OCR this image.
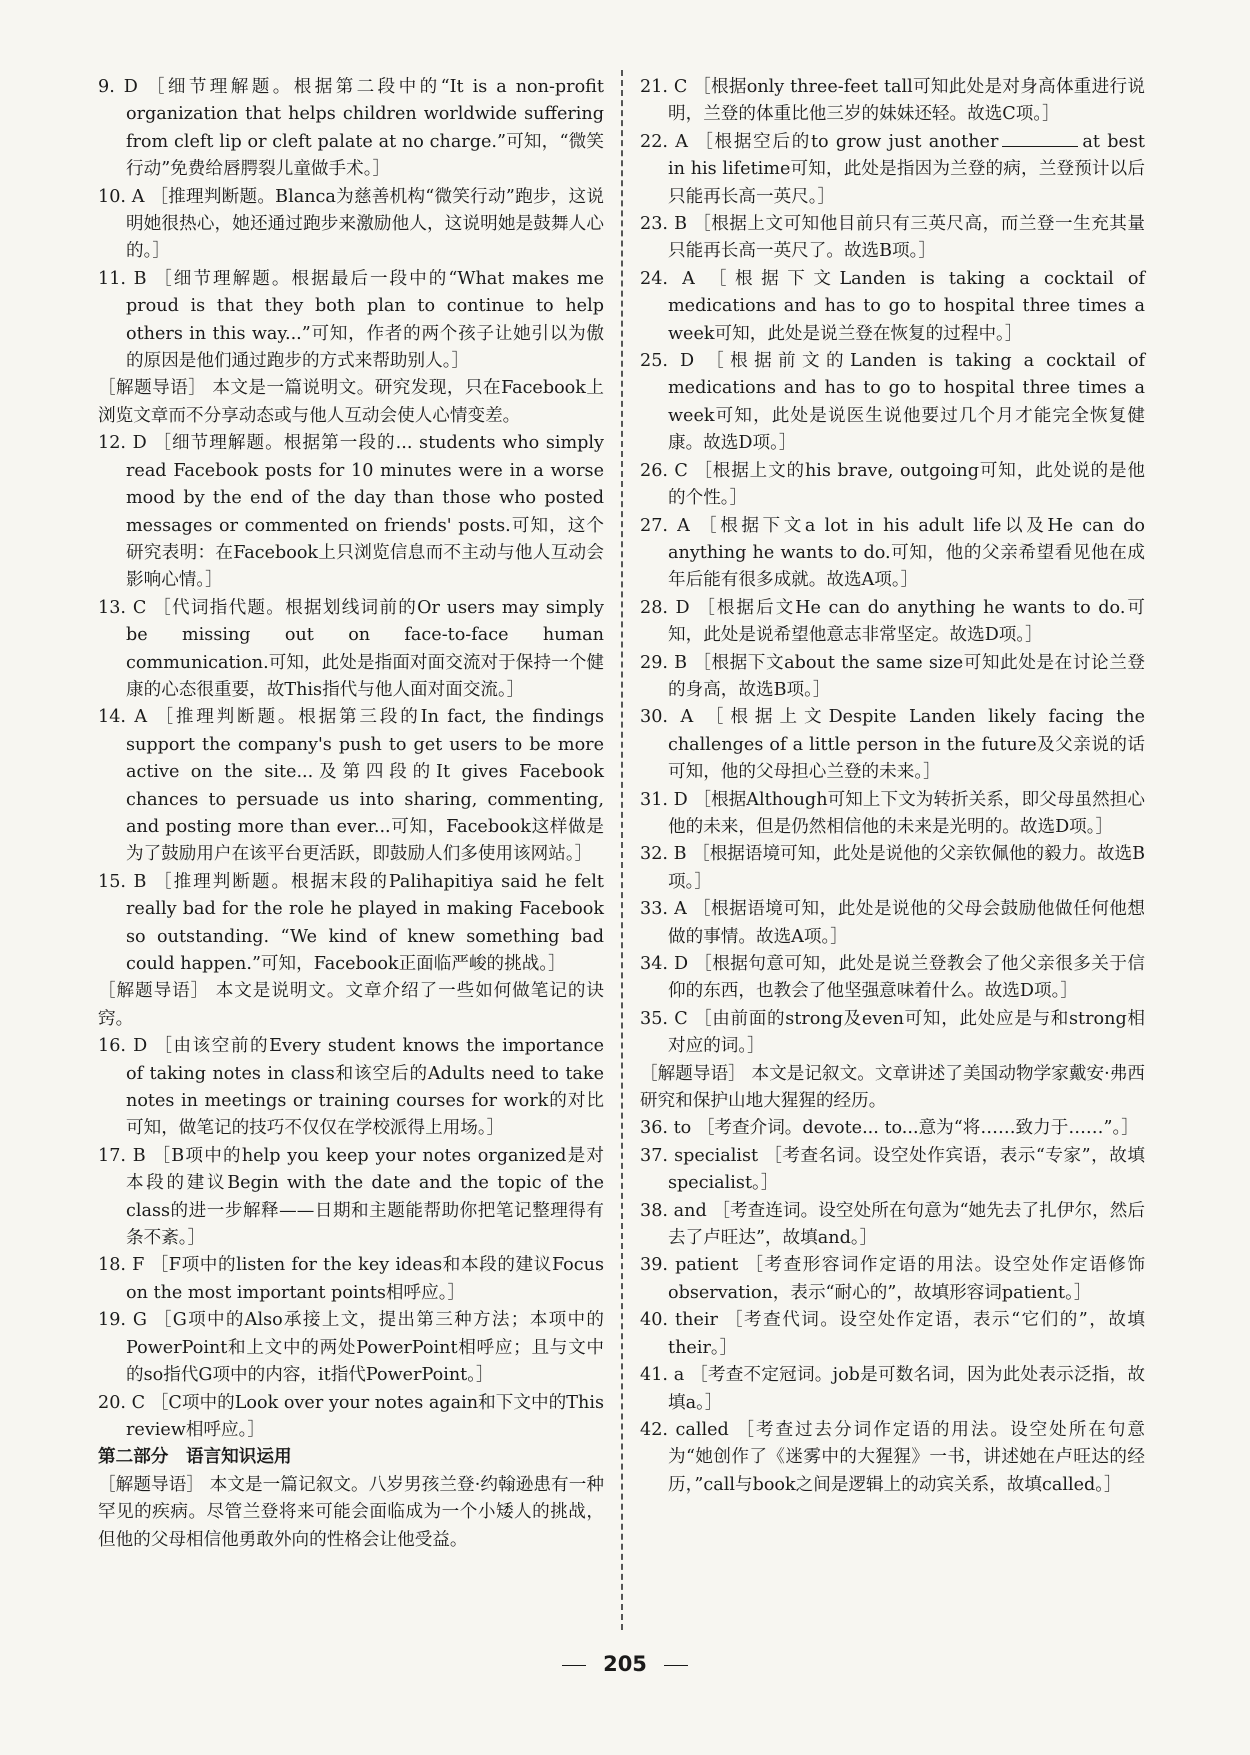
9. D ［细节理解题。根据第二段中的“It is a non-profit organization that helps children worldwide suffering from cleft lip or cleft palate at no charge.”可知，“微笑行动”免费给唇腭裂儿童做手术。］

10. A ［推理判断题。Blanca为慈善机构“微笑行动”跑步，这说明她很热心，她还通过跑步来激励他人，这说明她是鼓舞人心的。］

11. B ［细节理解题。根据最后一段中的“What makes me proud is that they both plan to continue to help others in this way...”可知，作者的两个孩子让她引以为傲的原因是他们通过跑步的方式来帮助别人。］

［解题导语］ 本文是一篇说明文。研究发现，只在Facebook上浏览文章而不分享动态或与他人互动会使人心情变差。

12. D ［细节理解题。根据第一段的... students who simply read Facebook posts for 10 minutes were in a worse mood by the end of the day than those who posted messages or commented on friends' posts.可知，这个研究表明：在Facebook上只浏览信息而不主动与他人互动会影响心情。］

13. C ［代词指代题。根据划线词前的Or users may simply be missing out on face-to-face human communication.可知，此处是指面对面交流对于保持一个健康的心态很重要，故This指代与他人面对面交流。］

14. A ［推理判断题。根据第三段的In fact, the findings support the company's push to get users to be more active on the site...及第四段的It gives Facebook chances to persuade us into sharing, commenting, and posting more than ever...可知，Facebook这样做是为了鼓励用户在该平台更活跃，即鼓励人们多使用该网站。］

15. B ［推理判断题。根据末段的Palihapitiya said he felt really bad for the role he played in making Facebook so outstanding. “We kind of knew something bad could happen.”可知，Facebook正面临严峻的挑战。］

［解题导语］ 本文是说明文。文章介绍了一些如何做笔记的诀窍。

16. D ［由该空前的Every student knows the importance of taking notes in class和该空后的Adults need to take notes in meetings or training courses for work的对比可知，做笔记的技巧不仅仅在学校派得上用场。］

17. B ［B项中的help you keep your notes organized是对本段的建议Begin with the date and the topic of the class的进一步解释——日期和主题能帮助你把笔记整理得有条不紊。］

18. F ［F项中的listen for the key ideas和本段的建议Focus on the most important points相呼应。］

19. G ［G项中的Also承接上文，提出第三种方法；本项中的PowerPoint和上文中的两处PowerPoint相呼应；且与文中的so指代G项中的内容，it指代PowerPoint。］

20. C ［C项中的Look over your notes again和下文中的This review相呼应。］

第二部分　语言知识运用

［解题导语］ 本文是一篇记叙文。八岁男孩兰登·约翰逊患有一种罕见的疾病。尽管兰登将来可能会面临成为一个小矮人的挑战，但他的父母相信他勇敢外向的性格会让他受益。

21. C ［根据only three-feet tall可知此处是对身高体重进行说明，兰登的体重比他三岁的妹妹还轻。故选C项。］

22. A ［根据空后的to grow just another	at best in his lifetime可知，此处是指因为兰登的病，兰登预计以后只能再长高一英尺。］

23. B ［根据上文可知他目前只有三英尺高，而兰登一生充其量只能再长高一英尺了。故选B项。］

24. A ［根据下文Landen is taking a cocktail of medications and has to go to hospital three times a week可知，此处是说兰登在恢复的过程中。］

25. D ［根据前文的Landen is taking a cocktail of medications and has to go to hospital three times a week可知，此处是说医生说他要过几个月才能完全恢复健康。故选D项。］

26. C ［根据上文的his brave, outgoing可知，此处说的是他的个性。］

27. A ［根据下文a lot in his adult life以及He can do anything he wants to do.可知，他的父亲希望看见他在成年后能有很多成就。故选A项。］

28. D ［根据后文He can do anything he wants to do.可知，此处是说希望他意志非常坚定。故选D项。］

29. B ［根据下文about the same size可知此处是在讨论兰登的身高，故选B项。］

30. A ［根据上文Despite Landen likely facing the challenges of a little person in the future及父亲说的话可知，他的父母担心兰登的未来。］

31. D ［根据Although可知上下文为转折关系，即父母虽然担心他的未来，但是仍然相信他的未来是光明的。故选D项。］

32. B ［根据语境可知，此处是说他的父亲钦佩他的毅力。故选B项。］

33. A ［根据语境可知，此处是说他的父母会鼓励他做任何他想做的事情。故选A项。］

34. D ［根据句意可知，此处是说兰登教会了他父亲很多关于信仰的东西，也教会了他坚强意味着什么。故选D项。］

35. C ［由前面的strong及even可知，此处应是与和strong相对应的词。］

［解题导语］ 本文是记叙文。文章讲述了美国动物学家戴安·弗西研究和保护山地大猩猩的经历。

36. to ［考查介词。devote... to...意为“将……致力于……”。］

37. specialist ［考查名词。设空处作宾语，表示“专家”，故填specialist。］

38. and ［考查连词。设空处所在句意为“她先去了扎伊尔，然后去了卢旺达”，故填and。］

39. patient ［考查形容词作定语的用法。设空处作定语修饰observation，表示“耐心的”，故填形容词patient。］

40. their ［考查代词。设空处作定语，表示“它们的”，故填their。］

41. a ［考查不定冠词。job是可数名词，因为此处表示泛指，故填a。］

42. called ［考查过去分词作定语的用法。设空处所在句意为“她创作了《迷雾中的大猩猩》一书，讲述她在卢旺达的经历，”call与book之间是逻辑上的动宾关系，故填called。］

205
